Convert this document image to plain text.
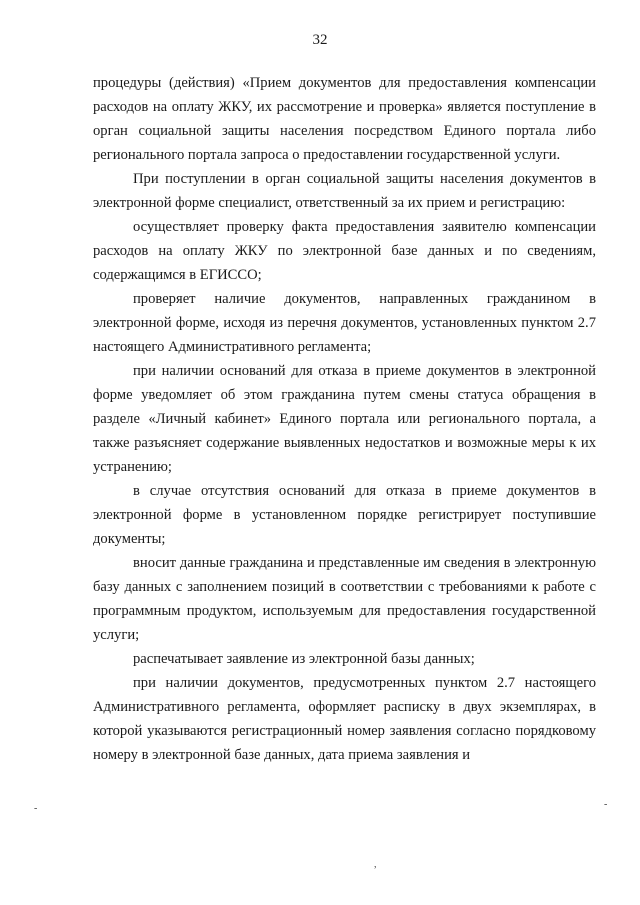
32

процедуры (действия) «Прием документов для предоставления компенсации расходов на оплату ЖКУ, их рассмотрение и проверка» является поступление в орган социальной защиты населения посредством Единого портала либо регионального портала запроса о предоставлении государственной услуги.

При поступлении в орган социальной защиты населения документов в электронной форме специалист, ответственный за их прием и регистрацию:

осуществляет проверку факта предоставления заявителю компенсации расходов на оплату ЖКУ по электронной базе данных и по сведениям, содержащимся в ЕГИССО;

проверяет наличие документов, направленных гражданином в электронной форме, исходя из перечня документов, установленных пунктом 2.7 настоящего Административного регламента;

при наличии оснований для отказа в приеме документов в электронной форме уведомляет об этом гражданина путем смены статуса обращения в разделе «Личный кабинет» Единого портала или регионального портала, а также разъясняет содержание выявленных недостатков и возможные меры к их устранению;

в случае отсутствия оснований для отказа в приеме документов в электронной форме в установленном порядке регистрирует поступившие документы;

вносит данные гражданина и представленные им сведения в электронную базу данных с заполнением позиций в соответствии с требованиями к работе с программным продуктом, используемым для предоставления государственной услуги;

распечатывает заявление из электронной базы данных;

при наличии документов, предусмотренных пунктом 2.7 настоящего Административного регламента, оформляет расписку в двух экземплярах, в которой указываются регистрационный номер заявления согласно порядковому номеру в электронной базе данных, дата приема заявления и

-	-
,
